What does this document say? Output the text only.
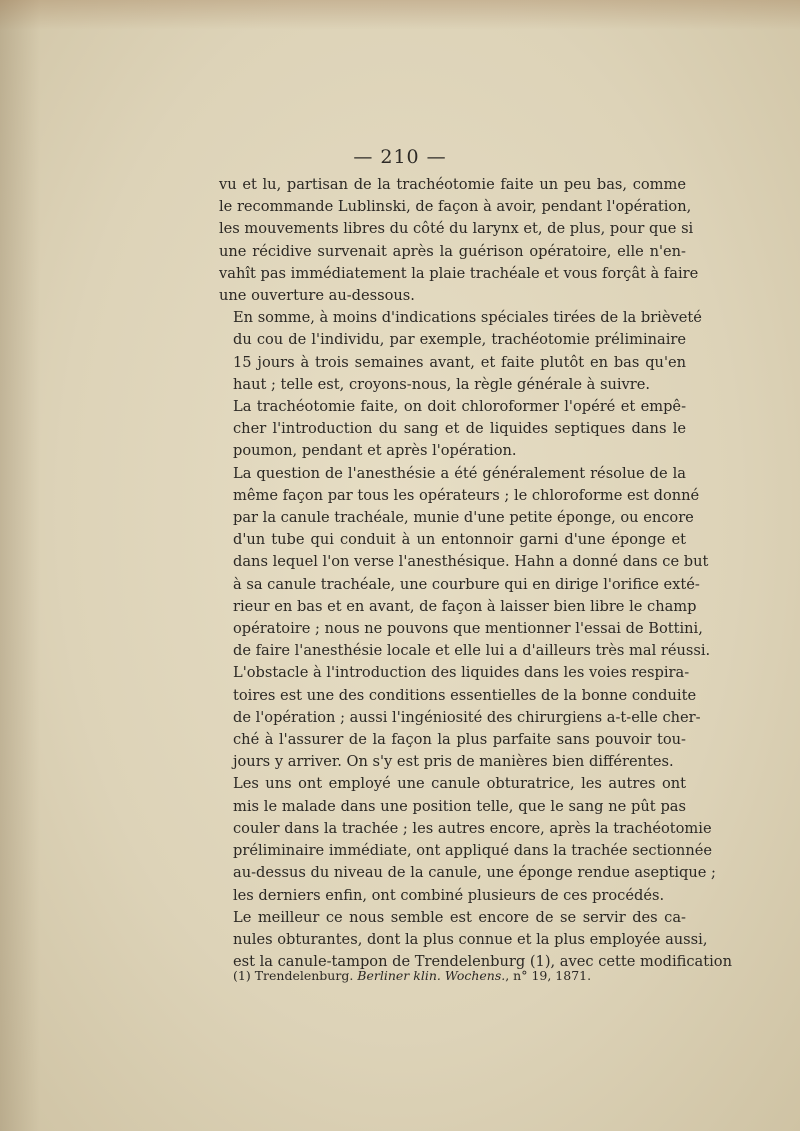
— 210 —

vu et lu, partisan de la trachéotomie faite un peu bas, comme
le recommande Lublinski, de façon à avoir, pendant l'opération,
les mouvements libres du côté du larynx et, de plus, pour que si
une récidive survenait après la guérison opératoire, elle n'en-
vahît pas immédiatement la plaie trachéale et vous forçât à faire
une ouverture au-dessous.

En somme, à moins d'indications spéciales tirées de la brièveté
du cou de l'individu, par exemple, trachéotomie préliminaire
15 jours à trois semaines avant, et faite plutôt en bas qu'en
haut ; telle est, croyons-nous, la règle générale à suivre.

La trachéotomie faite, on doit chloroformer l'opéré et empê-
cher l'introduction du sang et de liquides septiques dans le
poumon, pendant et après l'opération.

La question de l'anesthésie a été généralement résolue de la
même façon par tous les opérateurs ; le chloroforme est donné
par la canule trachéale, munie d'une petite éponge, ou encore
d'un tube qui conduit à un entonnoir garni d'une éponge et
dans lequel l'on verse l'anesthésique. Hahn a donné dans ce but
à sa canule trachéale, une courbure qui en dirige l'orifice exté-
rieur en bas et en avant, de façon à laisser bien libre le champ
opératoire ; nous ne pouvons que mentionner l'essai de Bottini,
de faire l'anesthésie locale et elle lui a d'ailleurs très mal réussi.

L'obstacle à l'introduction des liquides dans les voies respira-
toires est une des conditions essentielles de la bonne conduite
de l'opération ; aussi l'ingéniosité des chirurgiens a-t-elle cher-
ché à l'assurer de la façon la plus parfaite sans pouvoir tou-
jours y arriver. On s'y est pris de manières bien différentes.

Les uns ont employé une canule obturatrice, les autres ont
mis le malade dans une position telle, que le sang ne pût pas
couler dans la trachée ; les autres encore, après la trachéotomie
préliminaire immédiate, ont appliqué dans la trachée sectionnée
au-dessus du niveau de la canule, une éponge rendue aseptique ;
les derniers enfin, ont combiné plusieurs de ces procédés.

Le meilleur ce nous semble est encore de se servir des ca-
nules obturantes, dont la plus connue et la plus employée aussi,
est la canule-tampon de Trendelenburg (1), avec cette modification

(1) Trendelenburg. Berliner klin. Wochens., n° 19, 1871.
